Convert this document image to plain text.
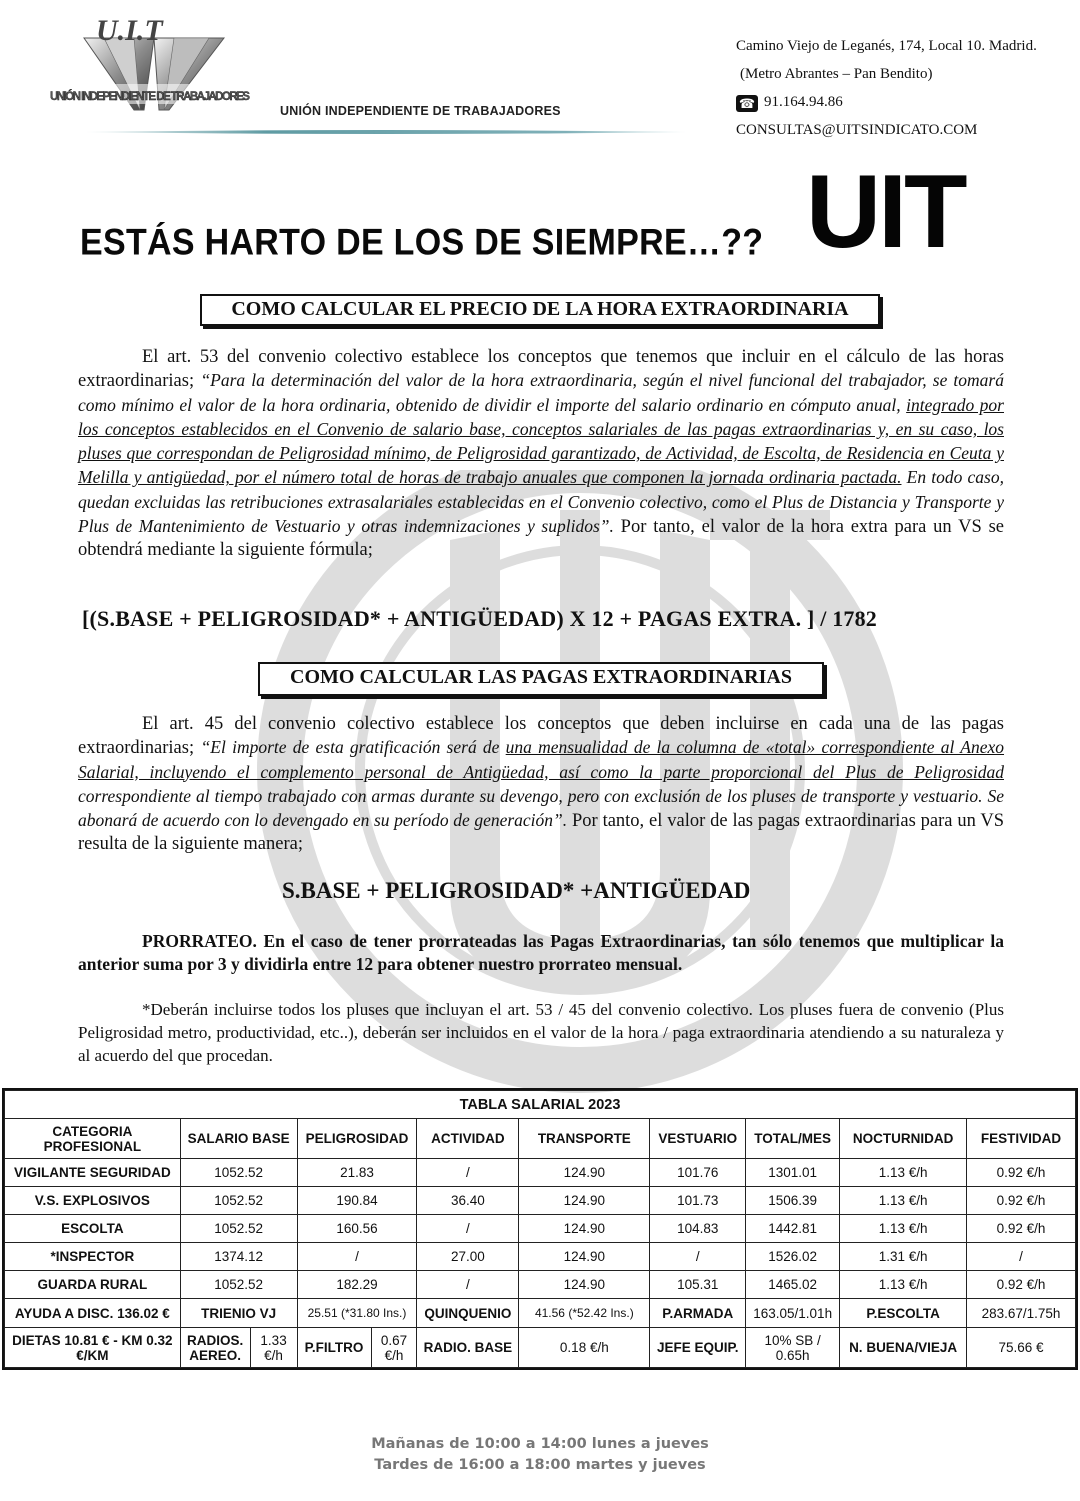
U.I.T
UNIÓN INDEPENDIENTE DE TRABAJADORES
UNIÓN INDEPENDIENTE DE TRABAJADORES
Camino Viejo de Leganés, 174, Local 10. Madrid.
(Metro Abrantes – Pan Bendito)
☎ 91.164.94.86
CONSULTAS@UITSINDICATO.COM
ESTÁS HARTO DE LOS DE SIEMPRE…?? UIT
COMO CALCULAR EL PRECIO DE LA HORA EXTRAORDINARIA
El art. 53 del convenio colectivo establece los conceptos que tenemos que incluir en el cálculo de las horas extraordinarias; “Para la determinación del valor de la hora extraordinaria, según el nivel funcional del trabajador, se tomará como mínimo el valor de la hora ordinaria, obtenido de dividir el importe del salario ordinario en cómputo anual, integrado por los conceptos establecidos en el Convenio de salario base, conceptos salariales de las pagas extraordinarias y, en su caso, los pluses que correspondan de Peligrosidad mínimo, de Peligrosidad garantizado, de Actividad, de Escolta, de Residencia en Ceuta y Melilla y antigüedad, por el número total de horas de trabajo anuales que componen la jornada ordinaria pactada. En todo caso, quedan excluidas las retribuciones extrasalariales establecidas en el Convenio colectivo, como el Plus de Distancia y Transporte y Plus de Mantenimiento de Vestuario y otras indemnizaciones y suplidos”. Por tanto, el valor de la hora extra para un VS se obtendrá mediante la siguiente fórmula;
[(S.BASE + PELIGROSIDAD* + ANTIGÜEDAD) X 12 + PAGAS EXTRA. ] / 1782
COMO CALCULAR LAS PAGAS EXTRAORDINARIAS
El art. 45 del convenio colectivo establece los conceptos que deben incluirse en cada una de las pagas extraordinarias; “El importe de esta gratificación será de una mensualidad de la columna de «total» correspondiente al Anexo Salarial, incluyendo el complemento personal de Antigüedad, así como la parte proporcional del Plus de Peligrosidad correspondiente al tiempo trabajado con armas durante su devengo, pero con exclusión de los pluses de transporte y vestuario. Se abonará de acuerdo con lo devengado en su período de generación”. Por tanto, el valor de las pagas extraordinarias para un VS resulta de la siguiente manera;
S.BASE + PELIGROSIDAD* +ANTIGÜEDAD
PRORRATEO. En el caso de tener prorrateadas las Pagas Extraordinarias, tan sólo tenemos que multiplicar la anterior suma por 3 y dividirla entre 12 para obtener nuestro prorrateo mensual.
*Deberán incluirse todos los pluses que incluyan el art. 53 / 45 del convenio colectivo. Los pluses fuera de convenio (Plus Peligrosidad metro, productividad, etc..), deberán ser incluidos en el valor de la hora / paga extraordinaria atendiendo a su naturaleza y al acuerdo del que procedan.
TABLA SALARIAL 2023										
CATEGORIA PROFESIONAL	SALARIO BASE		PELIGROSIDAD		ACTIVIDAD	TRANSPORTE	VESTUARIO	TOTAL/MES	NOCTURNIDAD	FESTIVIDAD
VIGILANTE SEGURIDAD	1052.52		21.83		/	124.90	101.76	1301.01	1.13 €/h	0.92 €/h
V.S. EXPLOSIVOS	1052.52		190.84		36.40	124.90	101.73	1506.39	1.13 €/h	0.92 €/h
ESCOLTA	1052.52		160.56		/	124.90	104.83	1442.81	1.13 €/h	0.92 €/h
*INSPECTOR	1374.12		/		27.00	124.90	/	1526.02	1.31 €/h	/
GUARDA RURAL	1052.52		182.29		/	124.90	105.31	1465.02	1.13 €/h	0.92 €/h
AYUDA A DISC. 136.02 €	TRIENIO VJ		25.51 (*31.80 Ins.)		QUINQUENIO	41.56 (*52.42 Ins.)	P.ARMADA	163.05/1.01h	P.ESCOLTA	283.67/1.75h
DIETAS 10.81 € - KM 0.32 €/KM	RADIOS. AEREO.	1.33 €/h	P.FILTRO	0.67 €/h	RADIO. BASE	0.18 €/h	JEFE EQUIP.	10% SB / 0.65h	N. BUENA/VIEJA	75.66 €
Mañanas de 10:00 a 14:00 lunes a jueves
Tardes de 16:00 a 18:00 martes y jueves
